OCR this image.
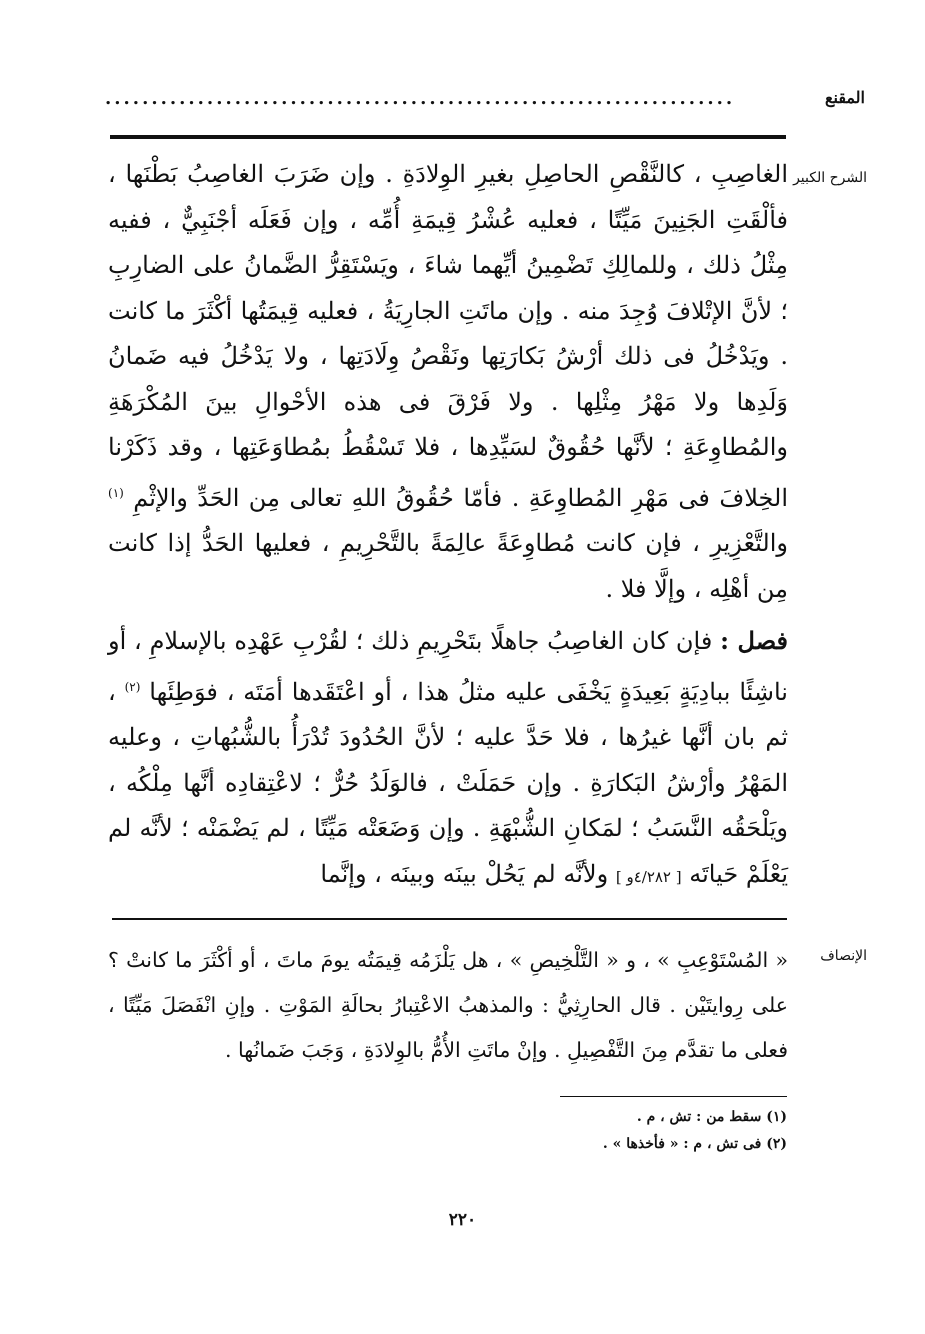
المقنع
....................................................................
الشرح الكبير

الغاصِبِ ، كالنَّقْصِ الحاصِلِ بغيرِ الوِلادَةِ . وإن ضَرَبَ الغاصِبُ بَطْنَها ، فألْقَتِ الجَنِينَ مَيِّتًا ، فعليه عُشْرُ قِيمَةِ أُمِّه ، وإن فَعَلَه أجْنَبِيٌّ ، ففيه مِثْلُ ذلك ، وللمالِكِ تَضْمِينُ أيِّهما شاءَ ، ويَسْتَقِرُّ الضَّمانُ على الضارِبِ ؛ لأنَّ الإتْلافَ وُجِدَ منه . وإن ماتَتِ الجارِيَةُ ، فعليه قِيمَتُها أكْثَرَ ما كانت . ويَدْخُلُ فى ذلك أرْشُ بَكارَتِها ونَقْصُ وِلَادَتِها ، ولا يَدْخُلُ فيه ضَمانُ وَلَدِها ولا مَهْرُ مِثْلِها . ولا فَرْقَ فى هذه الأحْوالِ بينَ المُكْرَهَةِ والمُطاوِعَةِ ؛ لأنَّها حُقُوقٌ لسَيِّدِها ، فلا تَسْقُطُ بمُطاوَعَتِها ، وقد ذَكَرْنا الخِلافَ فى مَهْرِ المُطاوِعَةِ . فأمّا حُقُوقُ اللهِ تعالى مِن الحَدِّ والإثْمِ $^{(١)}$ والتَّعْزِيرِ ، فإن كانت مُطاوِعَةً عالِمَةً بالتَّحْرِيمِ ، فعليها الحَدُّ إذا كانت مِن أهْلِه ، وإلَّا فلا .

فصل : فإن كان الغاصِبُ جاهلًا بتَحْرِيمِ ذلك ؛ لقُرْبِ عَهْدِه بالإسلامِ ، أو ناشِئًا ببادِيَةٍ بَعِيدَةٍ يَخْفَى عليه مثلُ هذا ، أو اعْتَقَدها أمَتَه ، فوَطِئَها $^{(٢)}$ ، ثم بان أنَّها غيرُها ، فلا حَدَّ عليه ؛ لأنَّ الحُدُودَ تُدْرَأُ بالشُّبُهاتِ ، وعليه المَهْرُ وأرْشُ البَكارَةِ . وإن حَمَلَتْ ، فالوَلَدُ حُرٌّ ؛ لاعْتِقادِه أنَّها مِلْكُه ، ويَلْحَقُه النَّسَبُ ؛ لمَكانِ الشُّبْهَةِ . وإن وَضَعَتْه مَيِّتًا ، لم يَضْمَنْه ؛ لأنَّه لم يَعْلَمْ حَياتَه [ ٤/٢٨٢و ] ولأنَّه لم يَحُلْ بينَه وبينَه ، وإنَّما

الإنصاف

« المُسْتَوْعِبِ » ، و « التَّلْخِيصِ » ، هل يَلْزَمُه قِيمَتُه يومَ ماتَ ، أو أكْثَرَ ما كانتْ ؟ على رِوايتَيْن . قال الحارِثِيُّ : والمذهبُ الاعْتِبارُ بحالَةِ المَوْتِ . وإنِ انْفَصَلَ مَيِّتًا ، فعلى ما تقدَّم مِنَ التَّفْصِيلِ . وإنْ ماتَتِ الأُمُّ بالوِلادَةِ ، وَجَبَ ضَمانُها .

(١) سقط من : تش ، م .
(٢) فى تش ، م : « فأخذها » .
٢٢٠
